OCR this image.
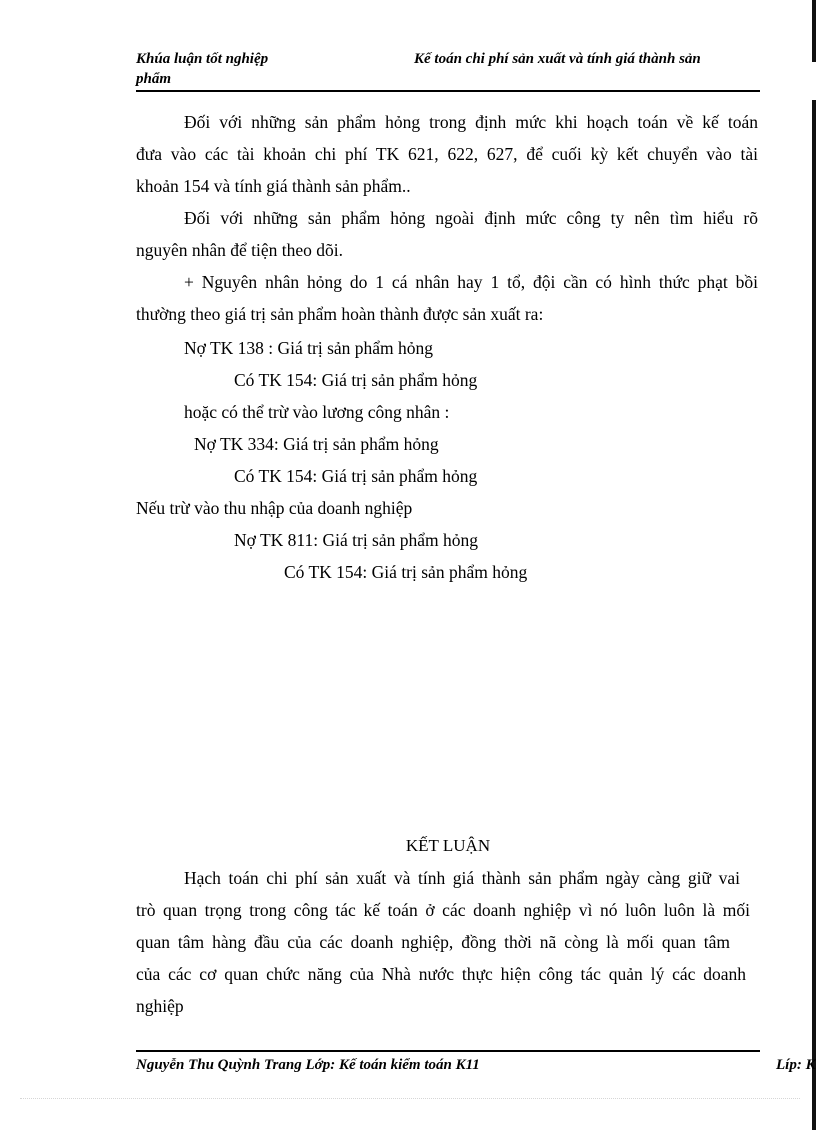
Khúa luận tốt nghiệp	Kế toán chi phí sản xuất và tính giá thành sản
phẩm
Đối với những sản phẩm hỏng trong định mức khi hoạch toán về kế toán
đưa vào các tài khoản chi phí TK 621, 622, 627, để cuối kỳ kết chuyển vào tài
khoản 154 và tính giá thành sản phẩm..
Đối với những sản phẩm hỏng ngoài định mức công ty nên tìm hiểu rõ
nguyên nhân để tiện theo dõi.
+ Nguyên nhân hỏng do 1 cá nhân hay 1 tổ, đội cần có hình thức phạt bồi
thường theo giá trị sản phẩm hoàn thành được sản xuất ra:
Nợ TK 138 : Giá trị sản phẩm hỏng
Có TK 154: Giá trị sản phẩm hỏng
hoặc có thể trừ vào lương công nhân :
Nợ TK 334: Giá trị sản phẩm hỏng
Có TK 154: Giá trị sản phẩm hỏng
Nếu trừ vào thu nhập của doanh nghiệp
Nợ TK 811: Giá trị sản phẩm hỏng
Có TK 154: Giá trị sản phẩm hỏng
KẾT LUẬN
Hạch toán chi phí sản xuất và tính giá thành sản phẩm ngày càng giữ vai
trò quan trọng trong công tác kế toán ở các doanh nghiệp vì nó luôn luôn là mối
quan tâm hàng đầu của các doanh nghiệp, đồng thời nã còng là mối quan tâm
của các cơ quan chức năng của Nhà nước thực hiện công tác quản lý các doanh
nghiệp
Nguyễn Thu Quỳnh Trang Lớp: Kế toán kiểm toán K11	Líp: K
